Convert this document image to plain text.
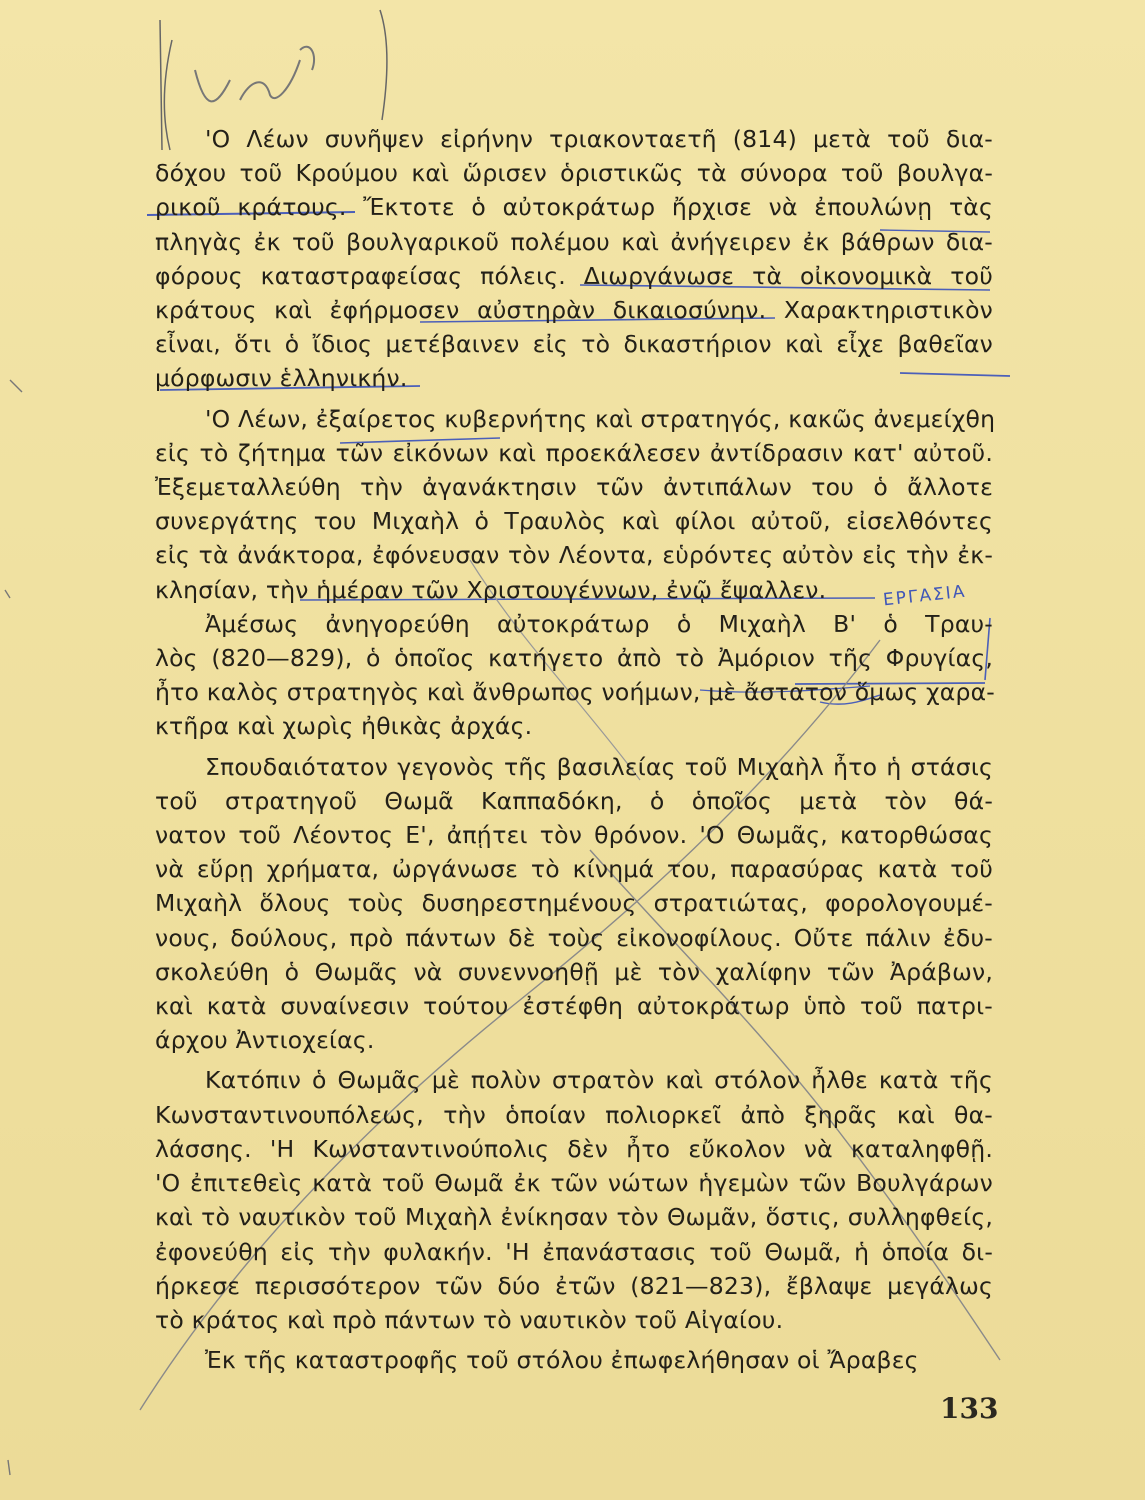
ΕΡΓΑΣΙΑ
'Ο Λέων συνῆψεν εἰρήνην τριακονταετῆ (814) μετὰ τοῦ δια-
δόχου τοῦ Κρούμου καὶ ὥρισεν ὁριστικῶς τὰ σύνορα τοῦ βουλγα-
ρικοῦ κράτους. Ἔκτοτε ὁ αὐτοκράτωρ ἤρχισε νὰ ἐπουλώνῃ τὰς
πληγὰς ἐκ τοῦ βουλγαρικοῦ πολέμου καὶ ἀνήγειρεν ἐκ βάθρων δια-
φόρους καταστραφείσας πόλεις. Διωργάνωσε τὰ οἰκονομικὰ τοῦ
κράτους καὶ ἐφήρμοσεν αὐστηρὰν δικαιοσύνην. Χαρακτηριστικὸν
εἶναι, ὅτι ὁ ἴδιος μετέβαινεν εἰς τὸ δικαστήριον καὶ εἶχε βαθεῖαν
μόρφωσιν ἑλληνικήν.
'Ο Λέων, ἐξαίρετος κυβερνήτης καὶ στρατηγός, κακῶς ἀνεμείχθη
εἰς τὸ ζήτημα τῶν εἰκόνων καὶ προεκάλεσεν ἀντίδρασιν κατ' αὐτοῦ.
Ἐξεμεταλλεύθη τὴν ἀγανάκτησιν τῶν ἀντιπάλων του ὁ ἄλλοτε
συνεργάτης του Μιχαὴλ ὁ Τραυλὸς καὶ φίλοι αὐτοῦ, εἰσελθόντες
εἰς τὰ ἀνάκτορα, ἐφόνευσαν τὸν Λέοντα, εὑρόντες αὐτὸν εἰς τὴν ἐκ-
κλησίαν, τὴν ἡμέραν τῶν Χριστουγέννων, ἐνῷ ἔψαλλεν.
Ἀμέσως ἀνηγορεύθη αὐτοκράτωρ ὁ Μιχαὴλ Β' ὁ Τραυ-
λὸς (820—829), ὁ ὁποῖος κατήγετο ἀπὸ τὸ Ἀμόριον τῆς Φρυγίας,
ἦτο καλὸς στρατηγὸς καὶ ἄνθρωπος νοήμων, μὲ ἄστατον ὅμως χαρα-
κτῆρα καὶ χωρὶς ἠθικὰς ἀρχάς.
Σπουδαιότατον γεγονὸς τῆς βασιλείας τοῦ Μιχαὴλ ἦτο ἡ στάσις
τοῦ στρατηγοῦ Θωμᾶ Καππαδόκη, ὁ ὁποῖος μετὰ τὸν θά-
νατον τοῦ Λέοντος Ε', ἀπῄτει τὸν θρόνον. 'Ο Θωμᾶς, κατορθώσας
νὰ εὕρῃ χρήματα, ὠργάνωσε τὸ κίνημά του, παρασύρας κατὰ τοῦ
Μιχαὴλ ὅλους τοὺς δυσηρεστημένους στρατιώτας, φορολογουμέ-
νους, δούλους, πρὸ πάντων δὲ τοὺς εἰκονοφίλους. Οὔτε πάλιν ἐδυ-
σκολεύθη ὁ Θωμᾶς νὰ συνεννοηθῇ μὲ τὸν χαλίφην τῶν Ἀράβων,
καὶ κατὰ συναίνεσιν τούτου ἐστέφθη αὐτοκράτωρ ὑπὸ τοῦ πατρι-
άρχου Ἀντιοχείας.
Κατόπιν ὁ Θωμᾶς μὲ πολὺν στρατὸν καὶ στόλον ἦλθε κατὰ τῆς
Κωνσταντινουπόλεως, τὴν ὁποίαν πολιορκεῖ ἀπὸ ξηρᾶς καὶ θα-
λάσσης. 'Η Κωνσταντινούπολις δὲν ἦτο εὔκολον νὰ καταληφθῇ.
'Ο ἐπιτεθεὶς κατὰ τοῦ Θωμᾶ ἐκ τῶν νώτων ἡγεμὼν τῶν Βουλγάρων
καὶ τὸ ναυτικὸν τοῦ Μιχαὴλ ἐνίκησαν τὸν Θωμᾶν, ὅστις, συλληφθείς,
ἐφονεύθη εἰς τὴν φυλακήν. 'Η ἐπανάστασις τοῦ Θωμᾶ, ἡ ὁποία δι-
ήρκεσε περισσότερον τῶν δύο ἐτῶν (821—823), ἔβλαψε μεγάλως
τὸ κράτος καὶ πρὸ πάντων τὸ ναυτικὸν τοῦ Αἰγαίου.
Ἐκ τῆς καταστροφῆς τοῦ στόλου ἐπωφελήθησαν οἱ Ἄραβες
133
